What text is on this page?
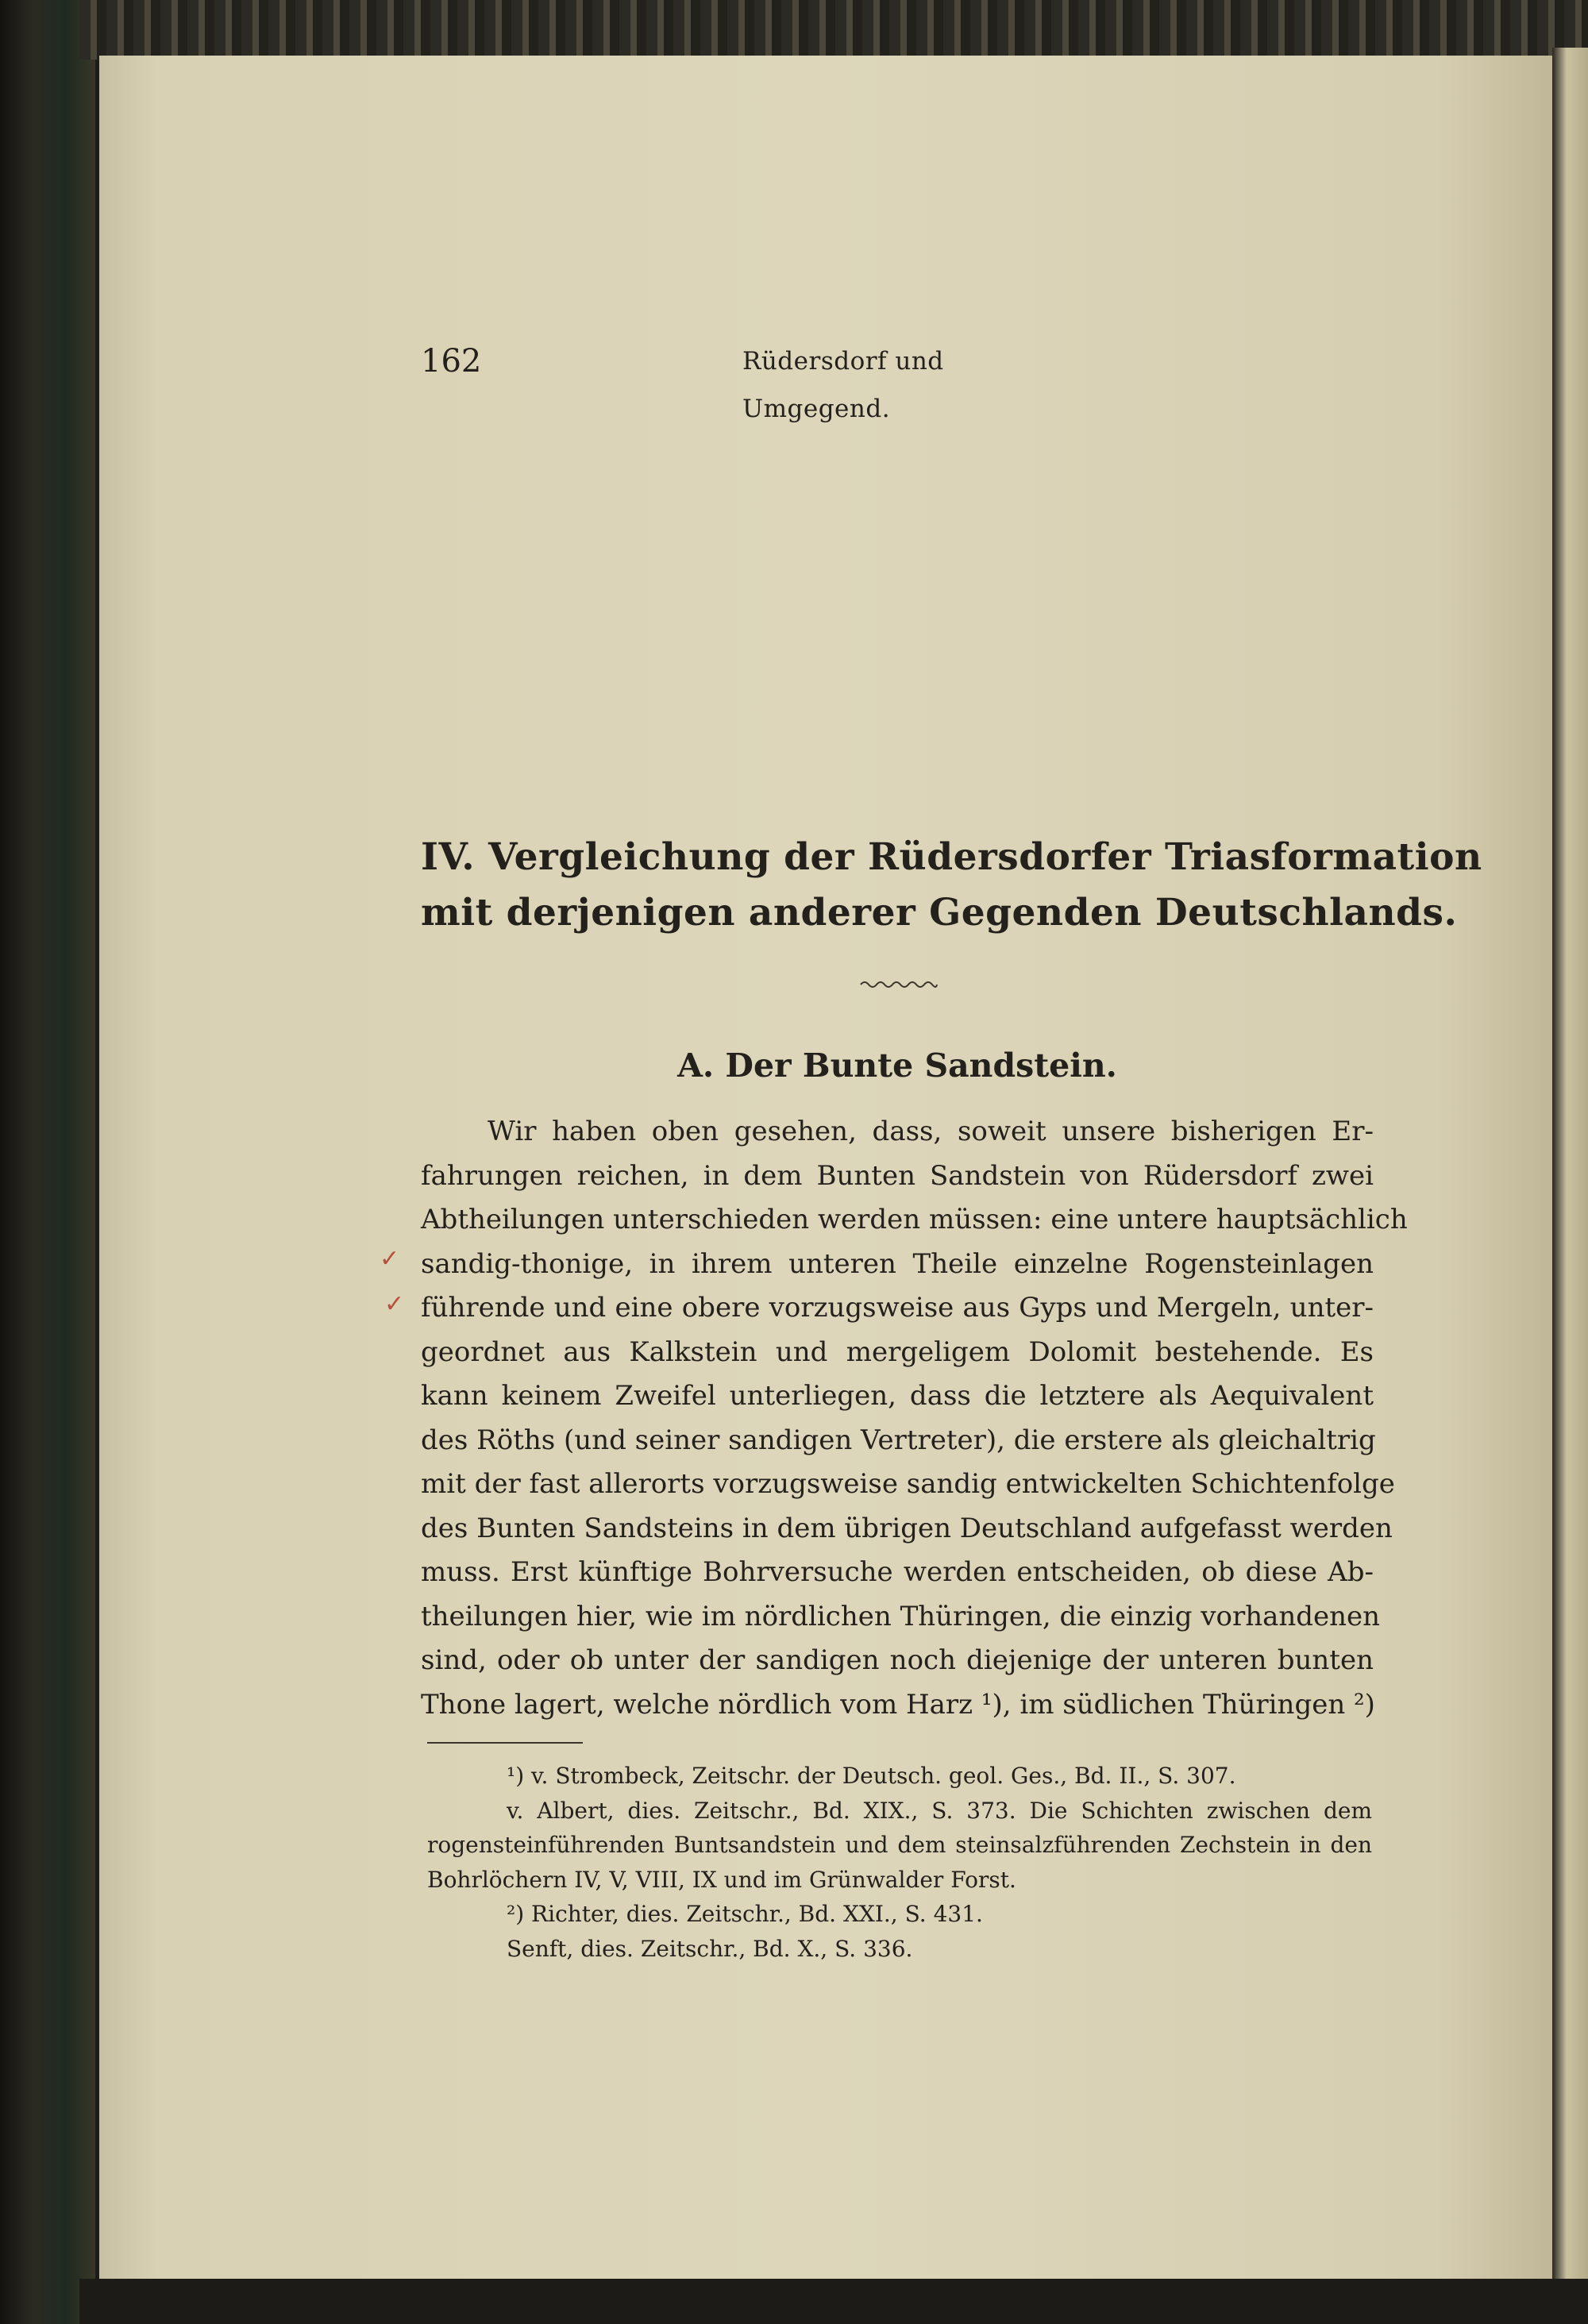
162	Rüdersdorf und Umgegend.
IV. Vergleichung der Rüdersdorfer Triasformation
mit derjenigen anderer Gegenden Deutschlands.
A. Der Bunte Sandstein.
Wir haben oben gesehen, dass, soweit unsere bisherigen Er-
fahrungen reichen, in dem Bunten Sandstein von Rüdersdorf zwei
Abtheilungen unterschieden werden müssen: eine untere hauptsächlich
sandig-thonige, in ihrem unteren Theile einzelne Rogensteinlagen
führende und eine obere vorzugsweise aus Gyps und Mergeln, unter-
geordnet aus Kalkstein und mergeligem Dolomit bestehende. Es
kann keinem Zweifel unterliegen, dass die letztere als Aequivalent
des Röths (und seiner sandigen Vertreter), die erstere als gleichaltrig
mit der fast allerorts vorzugsweise sandig entwickelten Schichtenfolge
des Bunten Sandsteins in dem übrigen Deutschland aufgefasst werden
muss. Erst künftige Bohrversuche werden entscheiden, ob diese Ab-
theilungen hier, wie im nördlichen Thüringen, die einzig vorhandenen
sind, oder ob unter der sandigen noch diejenige der unteren bunten
Thone lagert, welche nördlich vom Harz ¹), im südlichen Thüringen ²)
✓
✓
¹) v. Strombeck, Zeitschr. der Deutsch. geol. Ges., Bd. II., S. 307.
v. Albert, dies. Zeitschr., Bd. XIX., S. 373. Die Schichten zwischen dem
rogensteinführenden Buntsandstein und dem steinsalzführenden Zechstein in den
Bohrlöchern IV, V, VIII, IX und im Grünwalder Forst.
²) Richter, dies. Zeitschr., Bd. XXI., S. 431.
Senft, dies. Zeitschr., Bd. X., S. 336.
